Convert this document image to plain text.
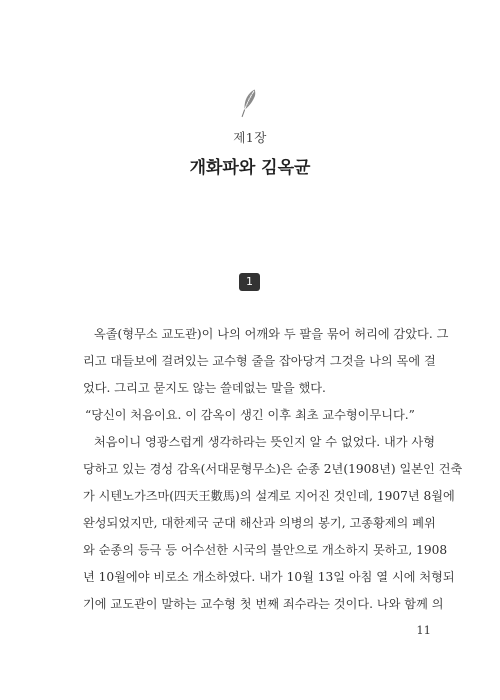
제1장
개화파와 김옥균
1
옥졸(형무소 교도관)이 나의 어깨와 두 팔을 묶어 허리에 감았다. 그
리고 대들보에 걸려있는 교수형 줄을 잡아당겨 그것을 나의 목에 걸
었다. 그리고 묻지도 않는 쓸데없는 말을 했다.
“당신이 처음이요. 이 감옥이 생긴 이후 최초 교수형이무니다.”
처음이니 영광스럽게 생각하라는 뜻인지 알 수 없었다. 내가 사형
당하고 있는 경성 감옥(서대문형무소)은 순종 2년(1908년) 일본인 건축
가 시텐노가즈마(四天王數馬)의 설계로 지어진 것인데, 1907년 8월에
완성되었지만, 대한제국 군대 해산과 의병의 봉기, 고종황제의 폐위
와 순종의 등극 등 어수선한 시국의 불안으로 개소하지 못하고, 1908
년 10월에야 비로소 개소하였다. 내가 10월 13일 아침 열 시에 처형되
기에 교도관이 말하는 교수형 첫 번째 죄수라는 것이다. 나와 함께 의
11
